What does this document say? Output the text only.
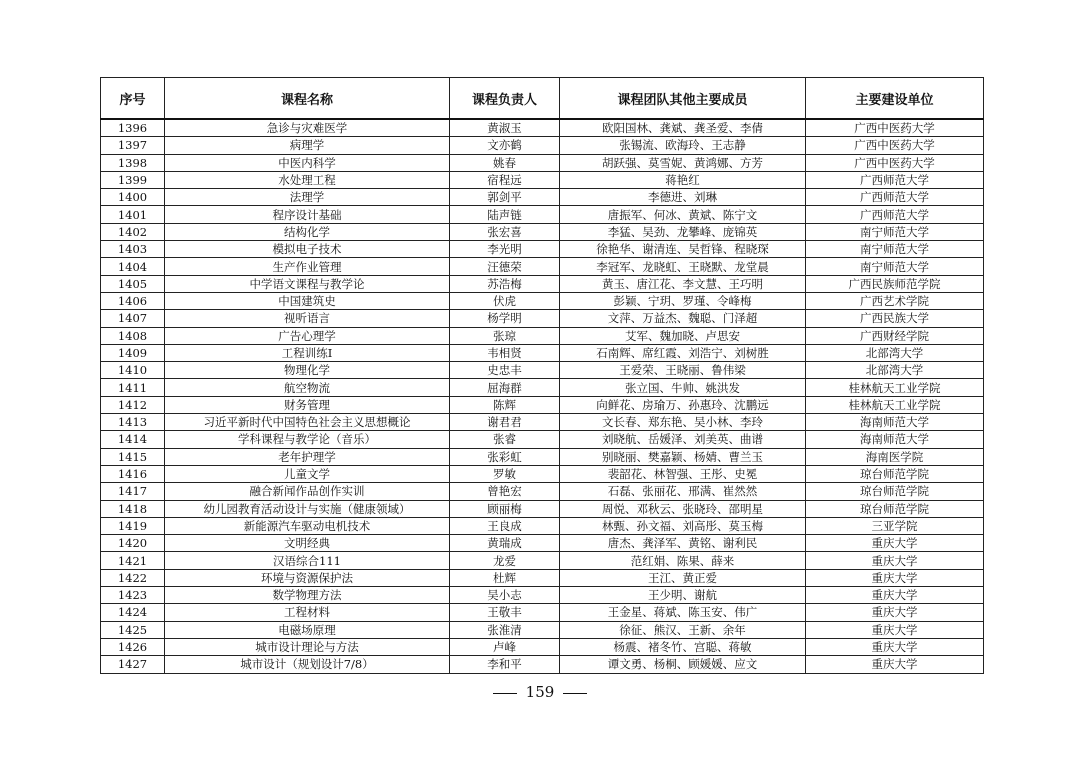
序号	课程名称	课程负责人	课程团队其他主要成员	主要建设单位
1396	急诊与灾难医学	黄淑玉	欧阳国林、龚斌、龚圣爱、李倩	广西中医药大学
1397	病理学	文亦鹤	张锡流、欧海玲、王志静	广西中医药大学
1398	中医内科学	姚春	胡跃强、莫雪妮、黄鸿娜、方芳	广西中医药大学
1399	水处理工程	宿程远	蒋艳红	广西师范大学
1400	法理学	郭剑平	李德进、刘琳	广西师范大学
1401	程序设计基础	陆声链	唐振军、何冰、黄斌、陈宁文	广西师范大学
1402	结构化学	张宏喜	李猛、吴劲、龙攀峰、庞锦英	南宁师范大学
1403	模拟电子技术	李光明	徐艳华、谢清连、吴哲锋、程晓琛	南宁师范大学
1404	生产作业管理	汪德荣	李冠军、龙晓虹、王晓默、龙堂晨	南宁师范大学
1405	中学语文课程与教学论	苏浩梅	黄玉、唐江花、李文慧、王巧明	广西民族师范学院
1406	中国建筑史	伏虎	彭颖、宁玥、罗瑾、令峰梅	广西艺术学院
1407	视听语言	杨学明	文萍、万益杰、魏聪、门泽超	广西民族大学
1408	广告心理学	张琼	艾军、魏加晓、卢思安	广西财经学院
1409	工程训练Ⅰ	韦相贤	石南辉、席红霞、刘浩宁、刘树胜	北部湾大学
1410	物理化学	史忠丰	王爱荣、王晓丽、鲁伟梁	北部湾大学
1411	航空物流	屈海群	张立国、牛帅、姚洪发	桂林航天工业学院
1412	财务管理	陈辉	向鲜花、房瑜万、孙惠玲、沈鹏远	桂林航天工业学院
1413	习近平新时代中国特色社会主义思想概论	谢君君	文长春、郑东艳、吴小林、李玲	海南师范大学
1414	学科课程与教学论（音乐）	张睿	刘晓航、岳媛泽、刘美英、曲谱	海南师范大学
1415	老年护理学	张彩虹	别晓丽、樊嘉颖、杨婧、曹兰玉	海南医学院
1416	儿童文学	罗敏	裴韶花、林智强、王彤、史冕	琼台师范学院
1417	融合新闻作品创作实训	曾艳宏	石磊、张丽花、邢满、崔然然	琼台师范学院
1418	幼儿园教育活动设计与实施（健康领域）	顾丽梅	周悦、邓秋云、张晓玲、邵明星	琼台师范学院
1419	新能源汽车驱动电机技术	王良成	林甄、孙文福、刘高彤、莫玉梅	三亚学院
1420	文明经典	黄瑞成	唐杰、龚泽军、黄铭、谢利民	重庆大学
1421	汉语综合111	龙爱	范红娟、陈果、薛来	重庆大学
1422	环境与资源保护法	杜辉	王江、黄正爱	重庆大学
1423	数学物理方法	吴小志	王少明、谢航	重庆大学
1424	工程材料	王敬丰	王金星、蒋斌、陈玉安、伟广	重庆大学
1425	电磁场原理	张淮清	徐征、熊汉、王新、余年	重庆大学
1426	城市设计理论与方法	卢峰	杨震、褚冬竹、宫聪、蒋敏	重庆大学
1427	城市设计（规划设计7/8）	李和平	谭文勇、杨桐、顾媛媛、应文	重庆大学
159
